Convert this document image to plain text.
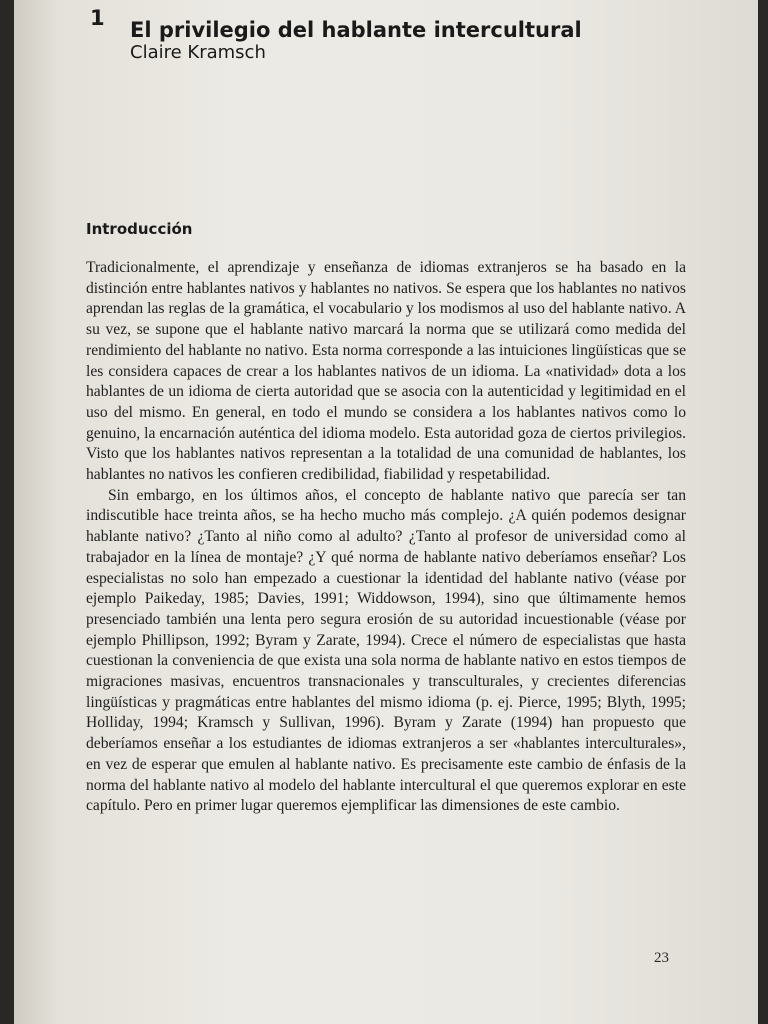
1 El privilegio del hablante intercultural
Claire Kramsch
Introducción

Tradicionalmente, el aprendizaje y enseñanza de idiomas extranjeros se ha basado en la distinción entre hablantes nativos y hablantes no nativos. Se espera que los hablantes no nativos aprendan las reglas de la gramática, el vocabulario y los modismos al uso del hablante nativo. A su vez, se supone que el hablante nativo marcará la norma que se utilizará como medida del rendimiento del hablante no nativo. Esta norma corresponde a las intuiciones lingüísticas que se les considera capaces de crear a los hablantes nativos de un idioma. La «natividad» dota a los hablantes de un idioma de cierta autoridad que se asocia con la autenticidad y legitimidad en el uso del mismo. En general, en todo el mundo se considera a los hablantes nativos como lo genuino, la encarnación auténtica del idioma modelo. Esta autoridad goza de ciertos privilegios. Visto que los hablantes nativos representan a la totalidad de una comunidad de hablantes, los hablantes no nativos les confieren credibilidad, fiabilidad y respetabilidad.

Sin embargo, en los últimos años, el concepto de hablante nativo que parecía ser tan indiscutible hace treinta años, se ha hecho mucho más complejo. ¿A quién podemos designar hablante nativo? ¿Tanto al niño como al adulto? ¿Tanto al profesor de universidad como al trabajador en la línea de montaje? ¿Y qué norma de hablante nativo deberíamos enseñar? Los especialistas no solo han empezado a cuestionar la identidad del hablante nativo (véase por ejemplo Paikeday, 1985; Davies, 1991; Widdowson, 1994), sino que últimamente hemos presenciado también una lenta pero segura erosión de su autoridad incuestionable (véase por ejemplo Phillipson, 1992; Byram y Zarate, 1994). Crece el número de especialistas que hasta cuestionan la conveniencia de que exista una sola norma de hablante nativo en estos tiempos de migraciones masivas, encuentros transnacionales y transculturales, y crecientes diferencias lingüísticas y pragmáticas entre hablantes del mismo idioma (p. ej. Pierce, 1995; Blyth, 1995; Holliday, 1994; Kramsch y Sullivan, 1996). Byram y Zarate (1994) han propuesto que deberíamos enseñar a los estudiantes de idiomas extranjeros a ser «hablantes interculturales», en vez de esperar que emulen al hablante nativo. Es precisamente este cambio de énfasis de la norma del hablante nativo al modelo del hablante intercultural el que queremos explorar en este capítulo. Pero en primer lugar queremos ejemplificar las dimensiones de este cambio.

23
